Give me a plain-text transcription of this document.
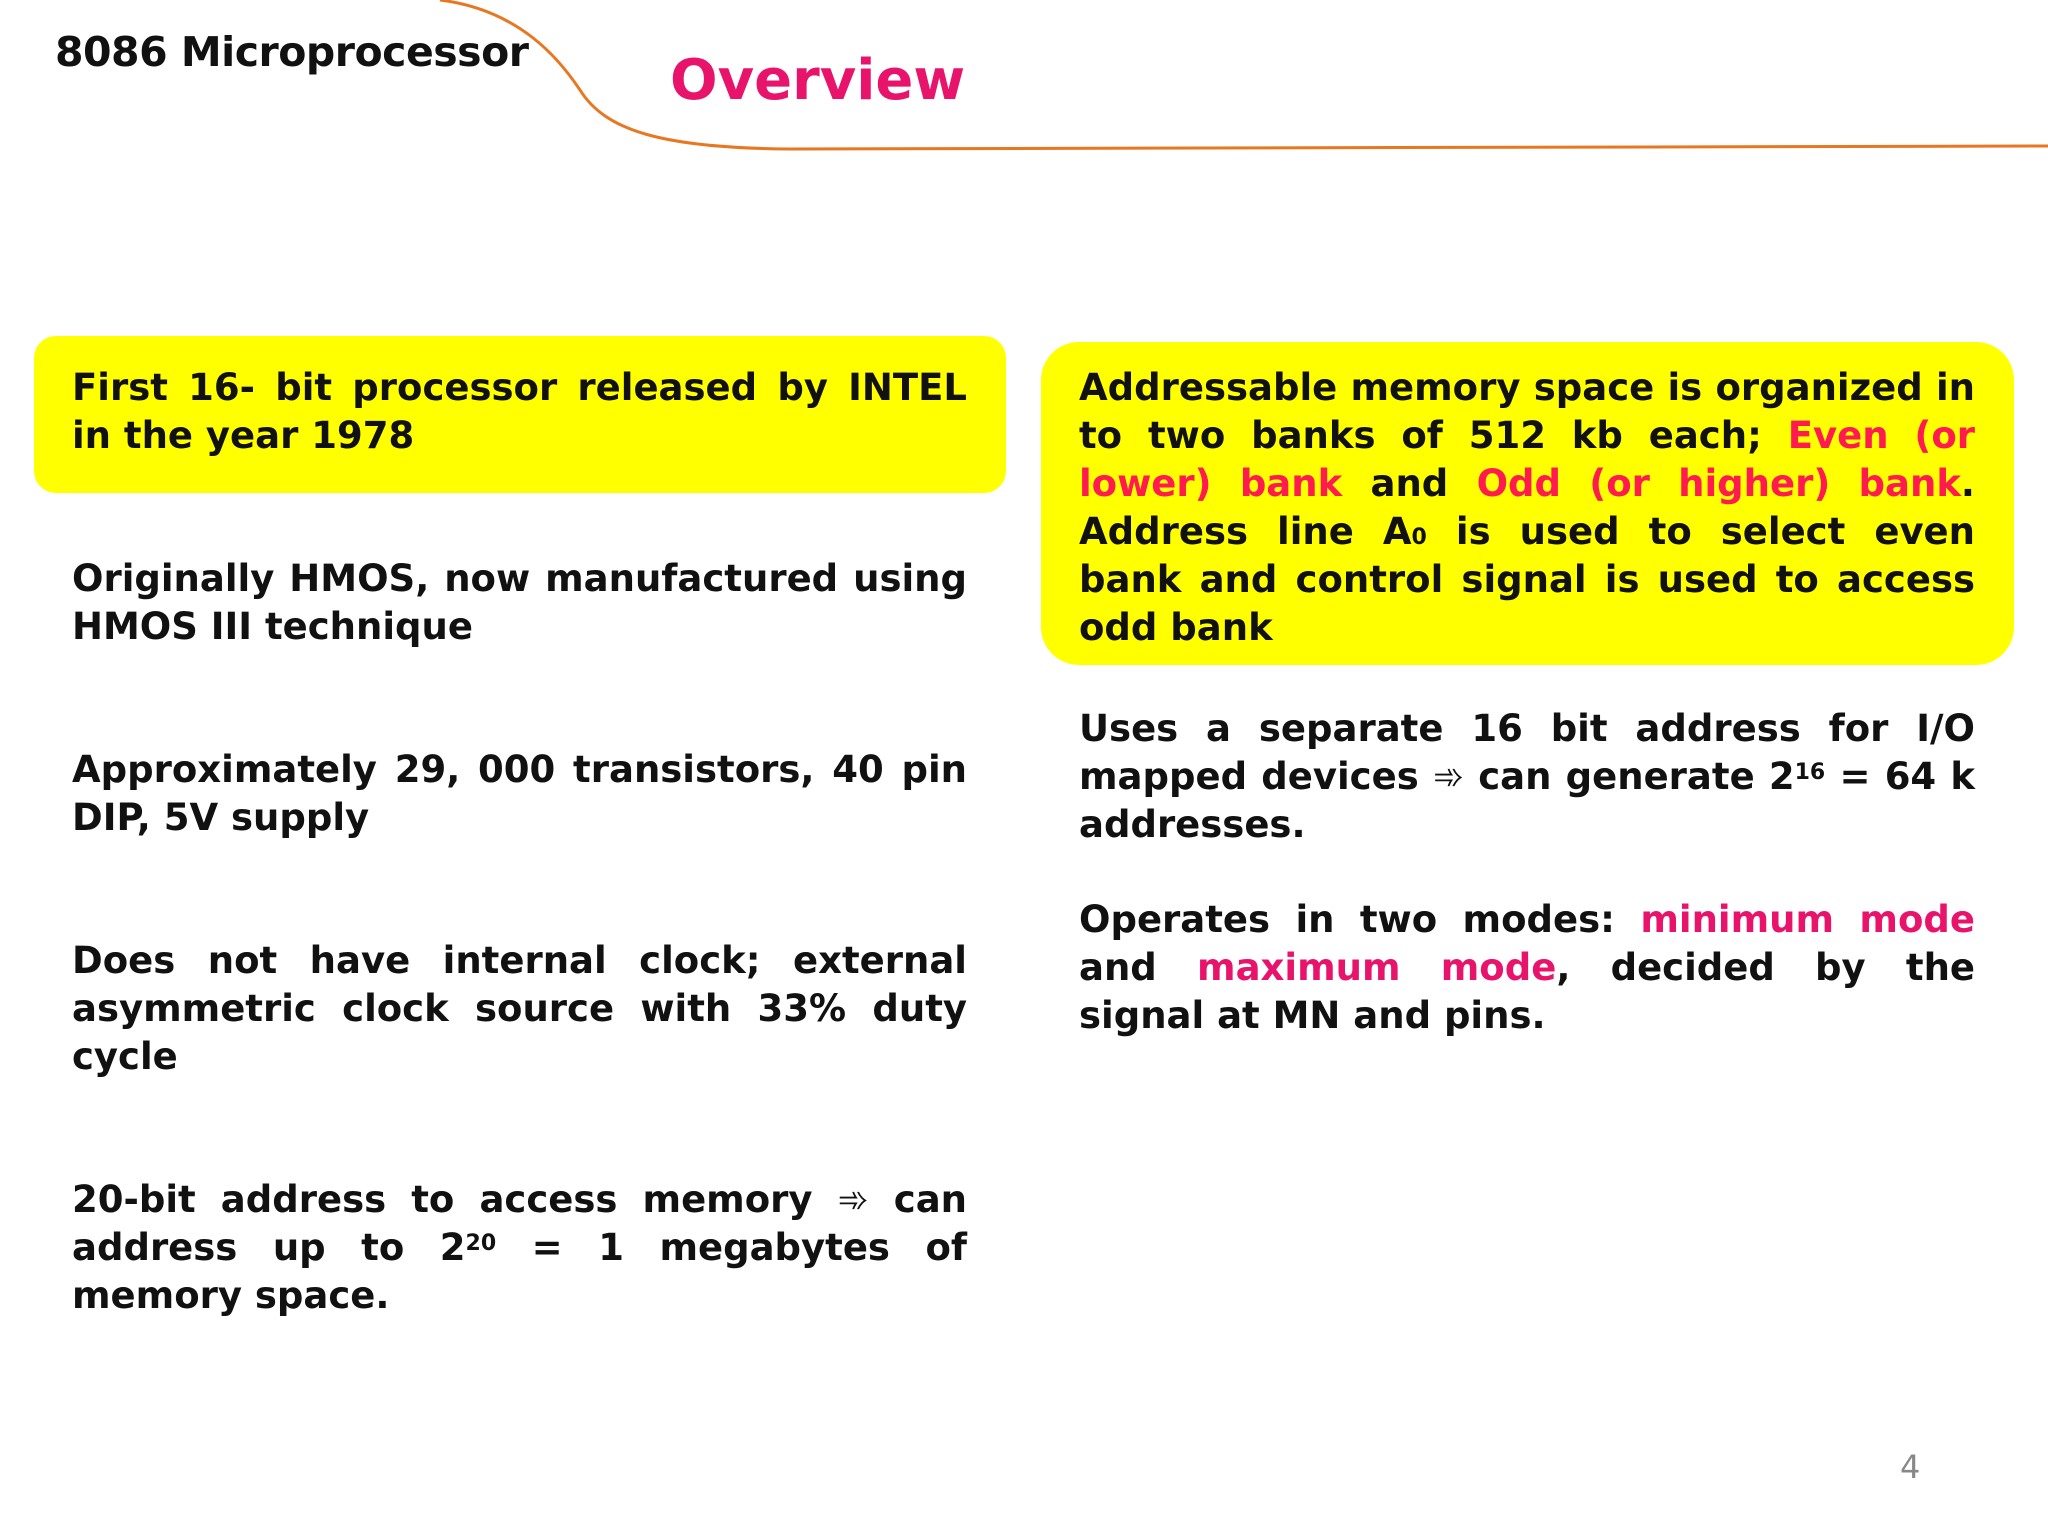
8086 Microprocessor	Overview
First 16- bit processor released by INTEL in the year 1978
Originally HMOS, now manufactured using HMOS III technique
Approximately 29, 000 transistors, 40 pin DIP, 5V supply
Does not have internal clock; external asymmetric clock source with 33% duty cycle
20-bit address to access memory ➾ can address up to $2^{20} = 1$ megabytes of memory space.
Addressable memory space is organized in to two banks of 512 kb each; Even (or lower) bank and Odd (or higher) bank. Address line $A_0$ is used to select even bank and control signal is used to access odd bank
Uses a separate 16 bit address for I/O mapped devices ➾ can generate $2^{16} = 64$ k addresses.
Operates in two modes: minimum mode and maximum mode, decided by the signal at MN and pins.
4
